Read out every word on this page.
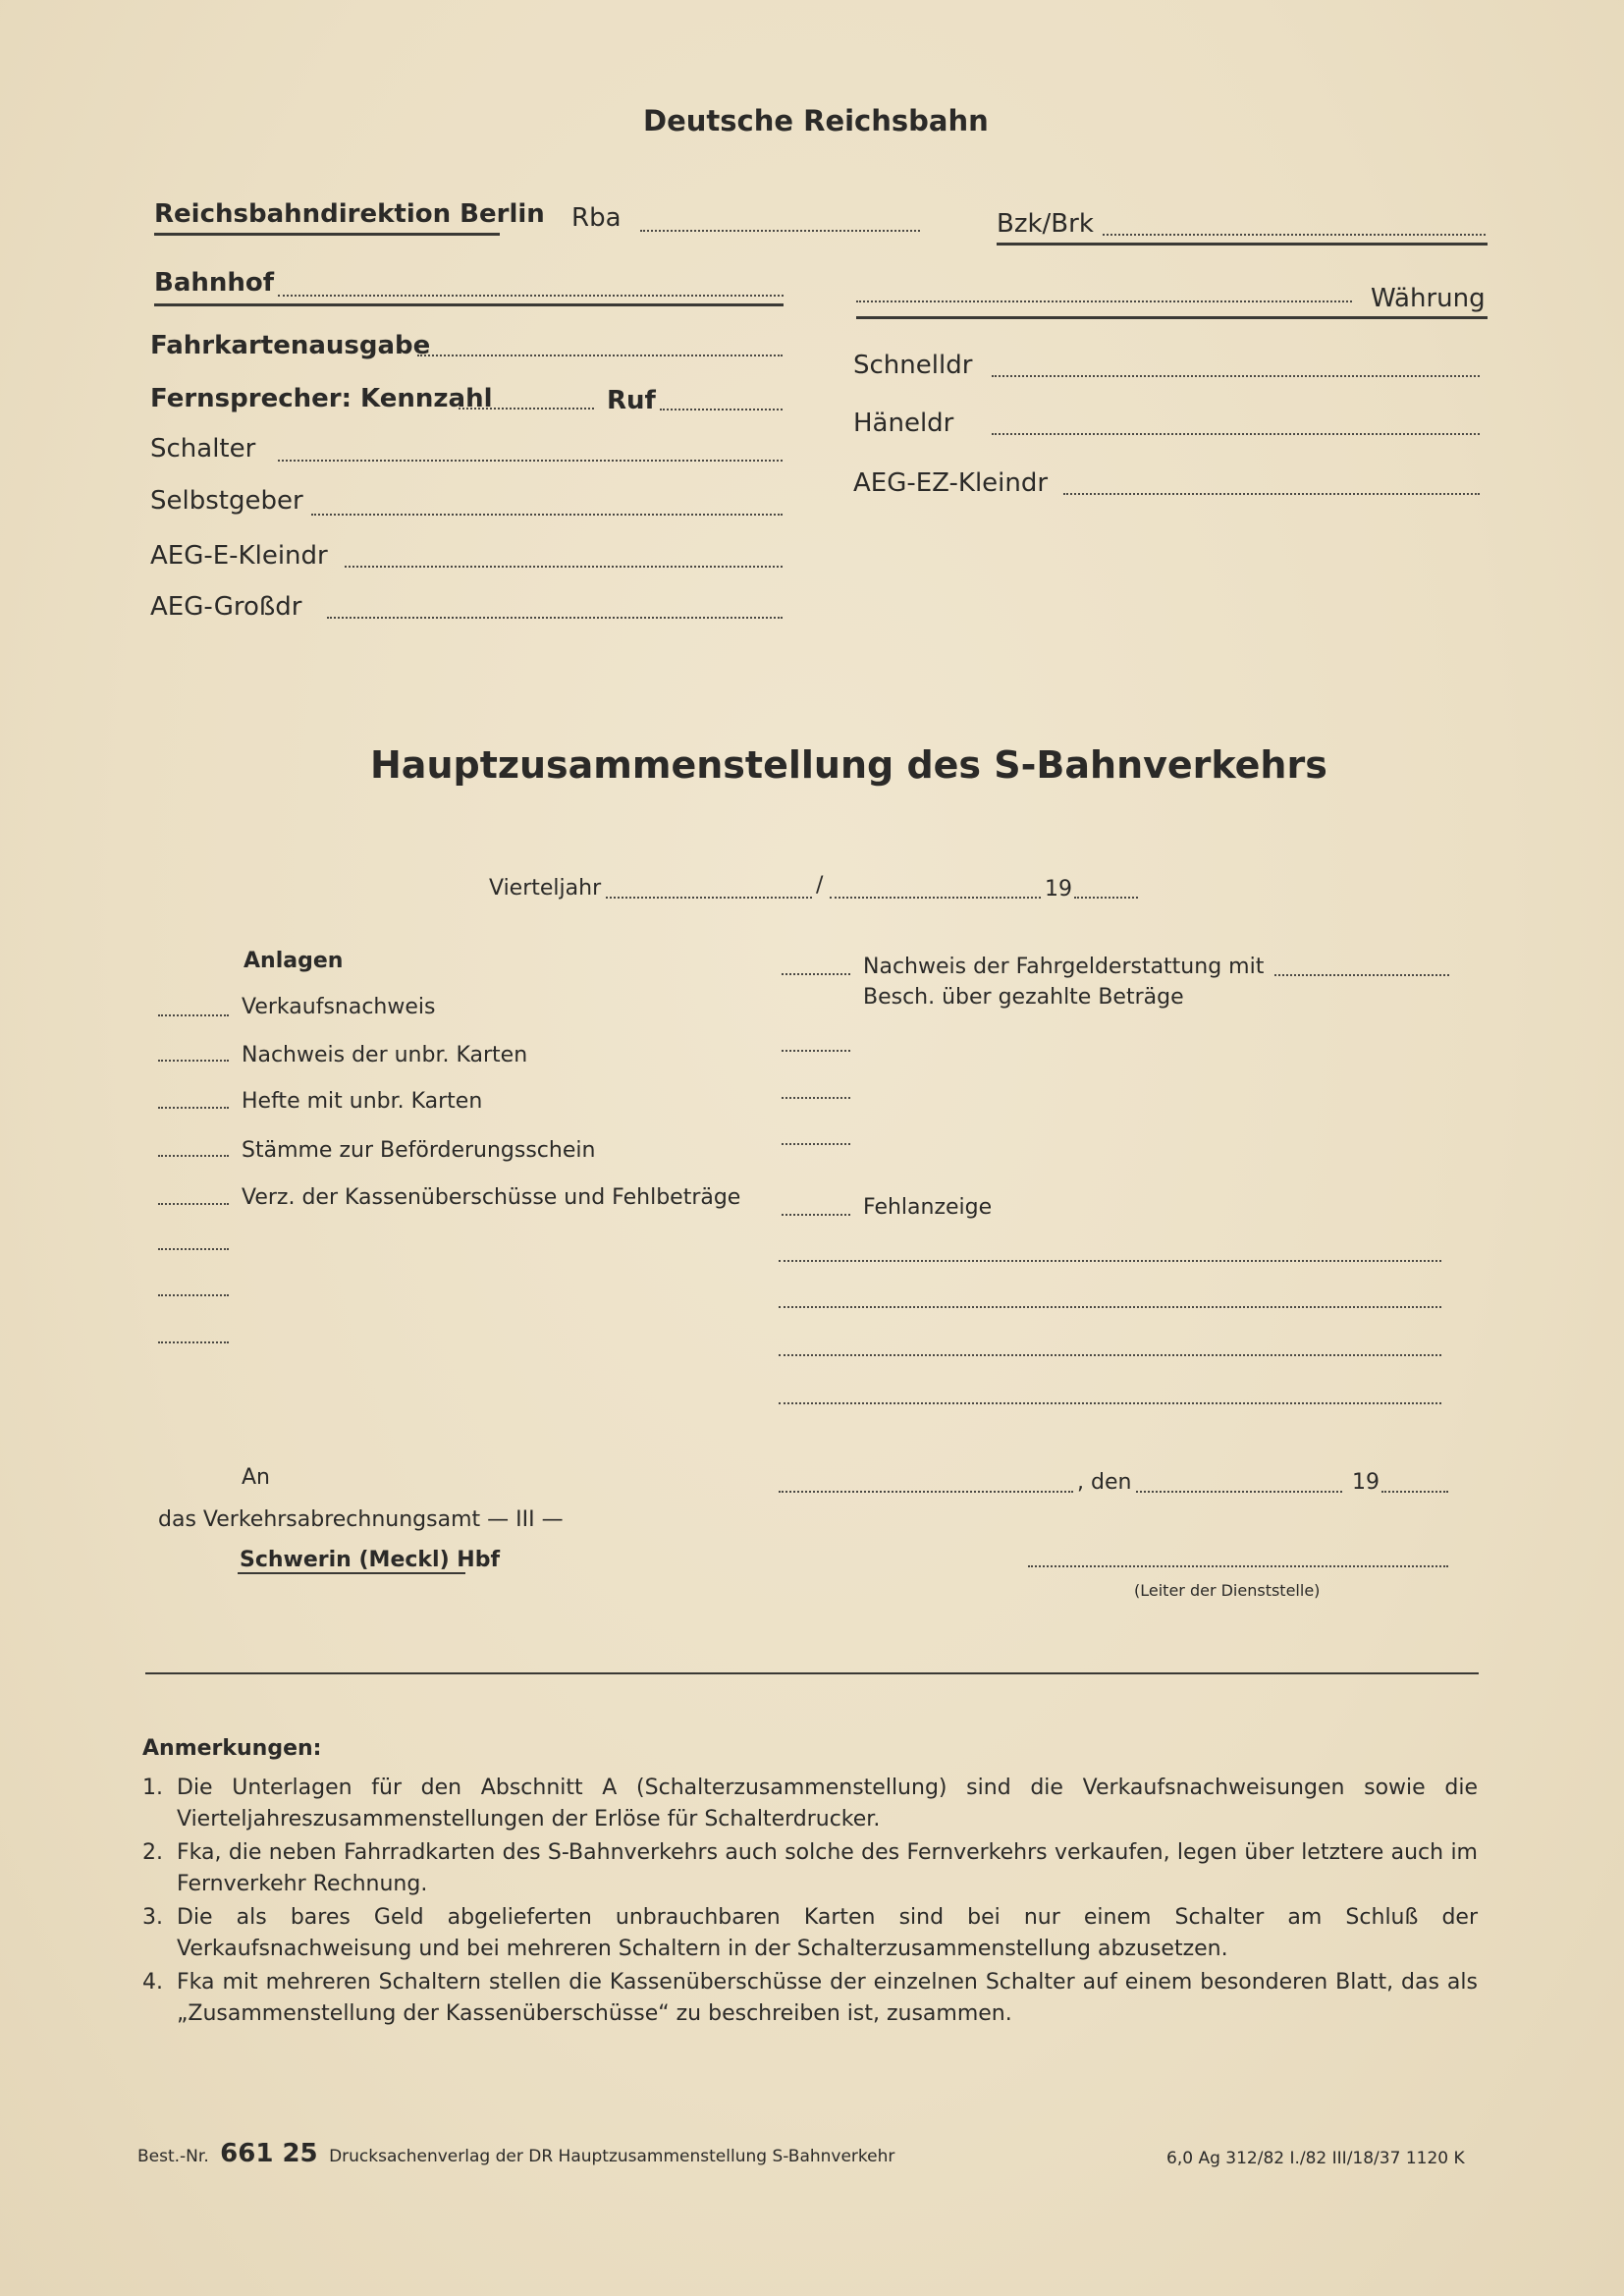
Deutsche Reichsbahn
Reichsbahndirektion Berlin Rba	Bzk/Brk
Bahnhof
Währung
Fahrkartenausgabe
Fernsprecher: Kennzahl	Ruf
Schalter
Selbstgeber
AEG-E-Kleindr
AEG-Großdr
Schnelldr
Häneldr
AEG-EZ-Kleindr
Hauptzusammenstellung des S-Bahnverkehrs
Vierteljahr	/	19
Anlagen
Verkaufsnachweis
Nachweis der unbr. Karten
Hefte mit unbr. Karten
Stämme zur Beförderungsschein
Verz. der Kassenüberschüsse und Fehlbeträge
Nachweis der Fahrgelderstattung mit
Besch. über gezahlte Beträge
Fehlanzeige
An
das Verkehrsabrechnungsamt — III —
Schwerin (Meckl) Hbf
, den	19
(Leiter der Dienststelle)
Anmerkungen:
1. Die Unterlagen für den Abschnitt A (Schalterzusammenstellung) sind die Verkaufsnachweisungen sowie die Vierteljahreszusammenstellungen der Erlöse für Schalterdrucker.
2. Fka, die neben Fahrradkarten des S-Bahnverkehrs auch solche des Fernverkehrs verkaufen, legen über letztere auch im Fernverkehr Rechnung.
3. Die als bares Geld abgelieferten unbrauchbaren Karten sind bei nur einem Schalter am Schluß der Verkaufsnachweisung und bei mehreren Schaltern in der Schalterzusammenstellung abzusetzen.
4. Fka mit mehreren Schaltern stellen die Kassenüberschüsse der einzelnen Schalter auf einem besonderen Blatt, das als „Zusammenstellung der Kassenüberschüsse“ zu beschreiben ist, zusammen.
Best.-Nr. 661 25 Drucksachenverlag der DR Hauptzusammenstellung S-Bahnverkehr	6,0 Ag 312/82 I./82 III/18/37 1120 K
